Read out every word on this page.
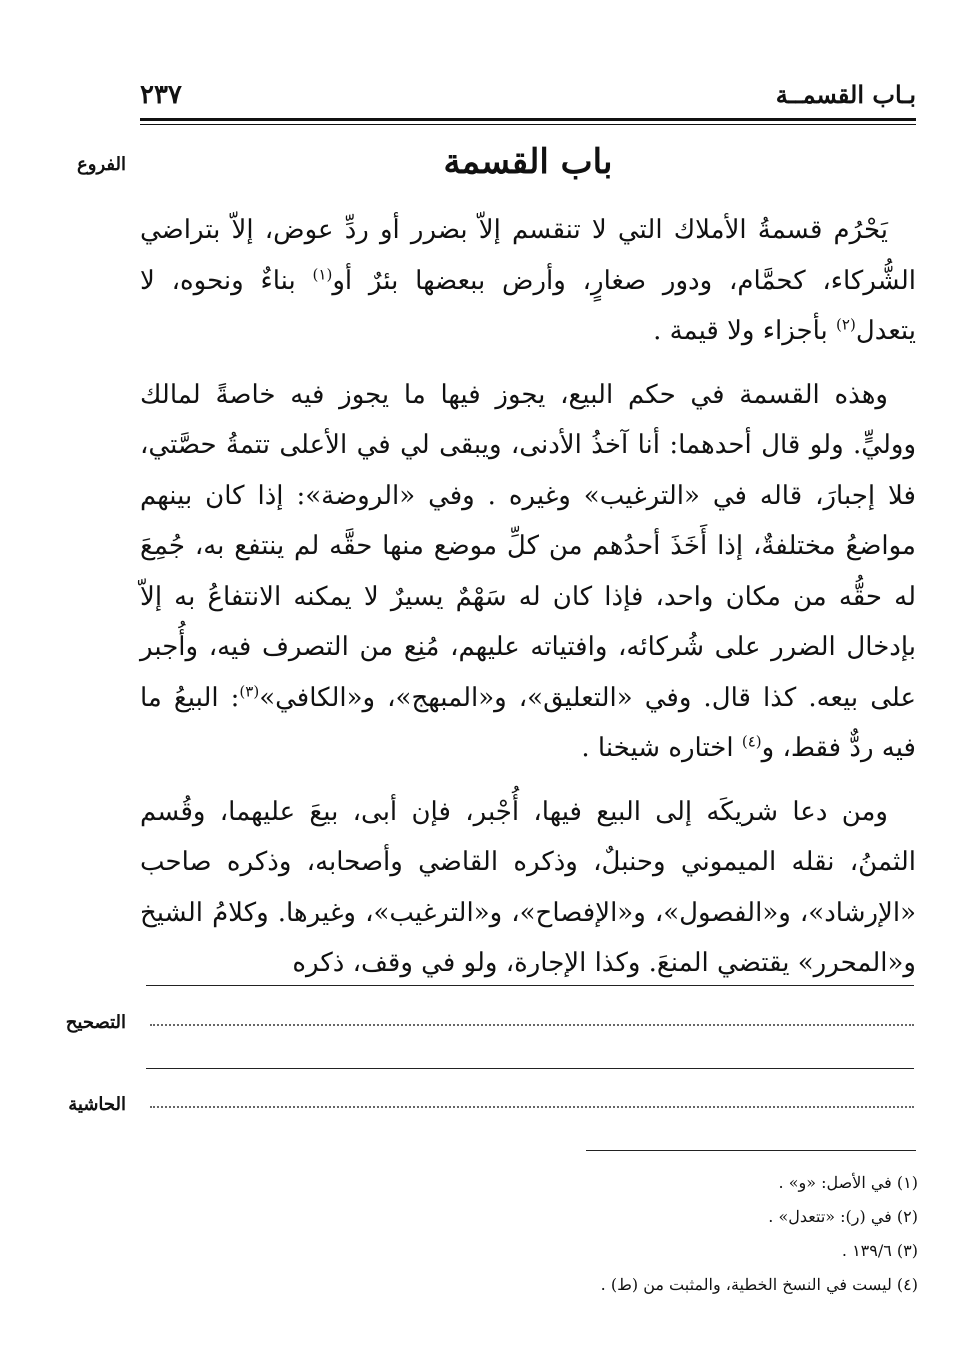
بـاب القسمــة
٢٣٧
الفروع	باب القسمة

يَحْرُم قسمةُ الأملاك التي لا تنقسم إلاّ بضرر أو ردِّ عوض، إلاّ بتراضي الشُّركاء، كحمَّام، ودور صغارٍ، وأرض ببعضها بئرٌ أو$^{(١)}$ بناءٌ ونحوه، لا يتعدل$^{(٢)}$ بأجزاء ولا قيمة .

وهذه القسمة في حكم البيع، يجوز فيها ما يجوز فيه خاصةً لمالك ووليٍّ. ولو قال أحدهما: أنا آخذُ الأدنى، ويبقى لي في الأعلى تتمةُ حصَّتي، فلا إجبارَ، قاله في «الترغيب» وغيره . وفي «الروضة»: إذا كان بينهم مواضعُ مختلفةٌ، إذا أَخَذَ أحدُهم من كلِّ موضع منها حقَّه لم ينتفع به، جُمِعَ له حقُّه من مكان واحد، فإذا كان له سَهْمٌ يسيرٌ لا يمكنه الانتفاعُ به إلاّ بإدخال الضرر على شُركائه، وافتياته عليهم، مُنِع من التصرف فيه، وأُجبر على بيعه. كذا قال. وفي «التعليق»، و«المبهج»، و«الكافي»$^{(٣)}$: البيعُ ما فيه ردٌّ فقط، و$^{(٤)}$ اختاره شيخنا .

ومن دعا شريكَه إلى البيع فيها، أُجْبر، فإن أبى، بيعَ عليهما، وقُسم الثمنُ، نقله الميموني وحنبلٌ، وذكره القاضي وأصحابه، وذكره صاحب «الإرشاد»، و«الفصول»، و«الإفصاح»، و«الترغيب»، وغيرها. وكلامُ الشيخ و«المحرر» يقتضي المنعَ. وكذا الإجارة، ولو في وقف، ذكره

التصحيح
الحاشية
(١) في الأصل: «و» .
(٢) في (ر): «تتعدل» .
(٣) ١٣٩/٦ .
(٤) ليست في النسخ الخطية، والمثبت من (ط) .
